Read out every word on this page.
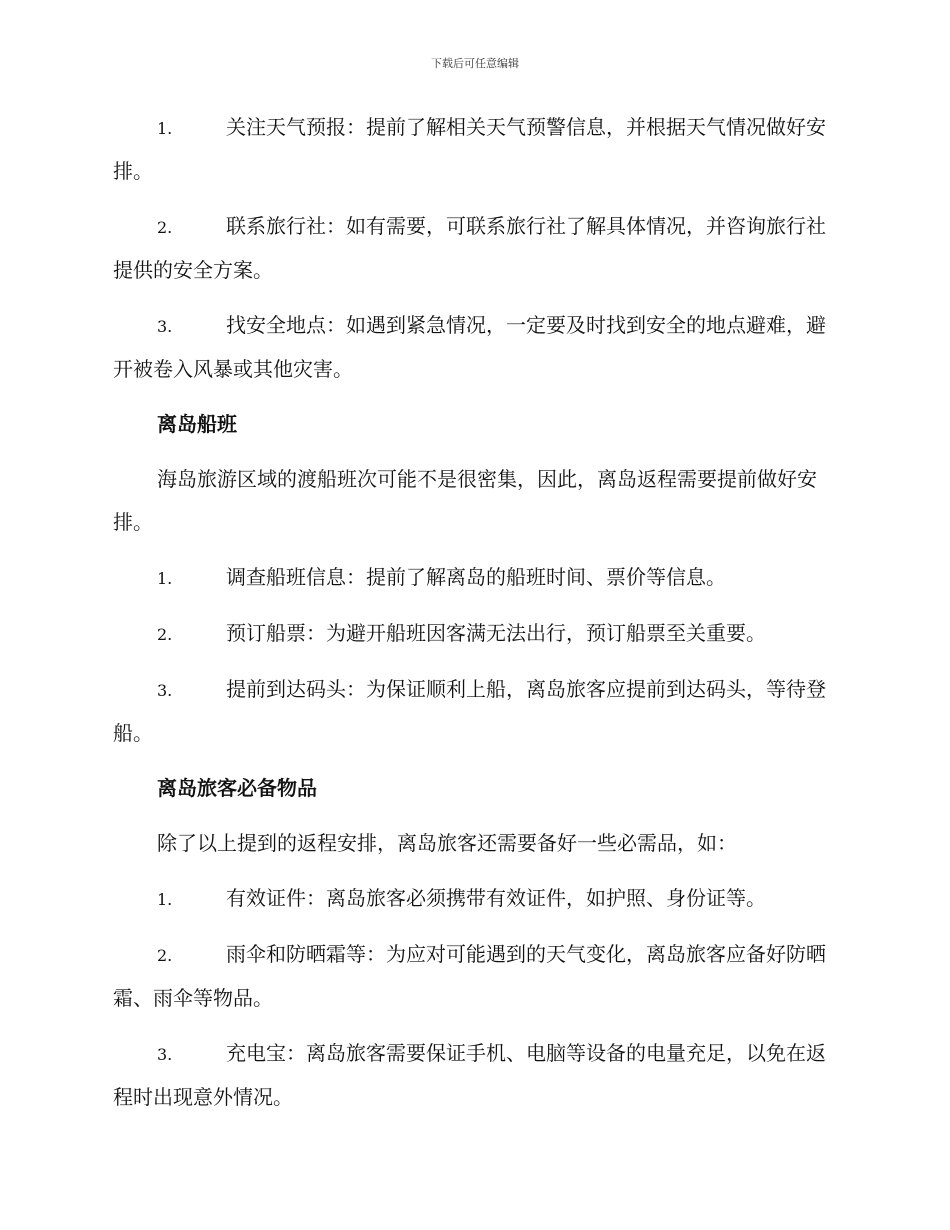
下载后可任意编辑
1.	关注天气预报：提前了解相关天气预警信息，并根据天气情况做好安排。
2.	联系旅行社：如有需要，可联系旅行社了解具体情况，并咨询旅行社提供的安全方案。
3.	找安全地点：如遇到紧急情况，一定要及时找到安全的地点避难，避开被卷入风暴或其他灾害。
离岛船班
海岛旅游区域的渡船班次可能不是很密集，因此，离岛返程需要提前做好安排。
1.	调查船班信息：提前了解离岛的船班时间、票价等信息。
2.	预订船票：为避开船班因客满无法出行，预订船票至关重要。
3.	提前到达码头：为保证顺利上船，离岛旅客应提前到达码头，等待登船。
离岛旅客必备物品
除了以上提到的返程安排，离岛旅客还需要备好一些必需品，如：
1.	有效证件：离岛旅客必须携带有效证件，如护照、身份证等。
2.	雨伞和防晒霜等：为应对可能遇到的天气变化，离岛旅客应备好防晒霜、雨伞等物品。
3.	充电宝：离岛旅客需要保证手机、电脑等设备的电量充足，以免在返程时出现意外情况。
